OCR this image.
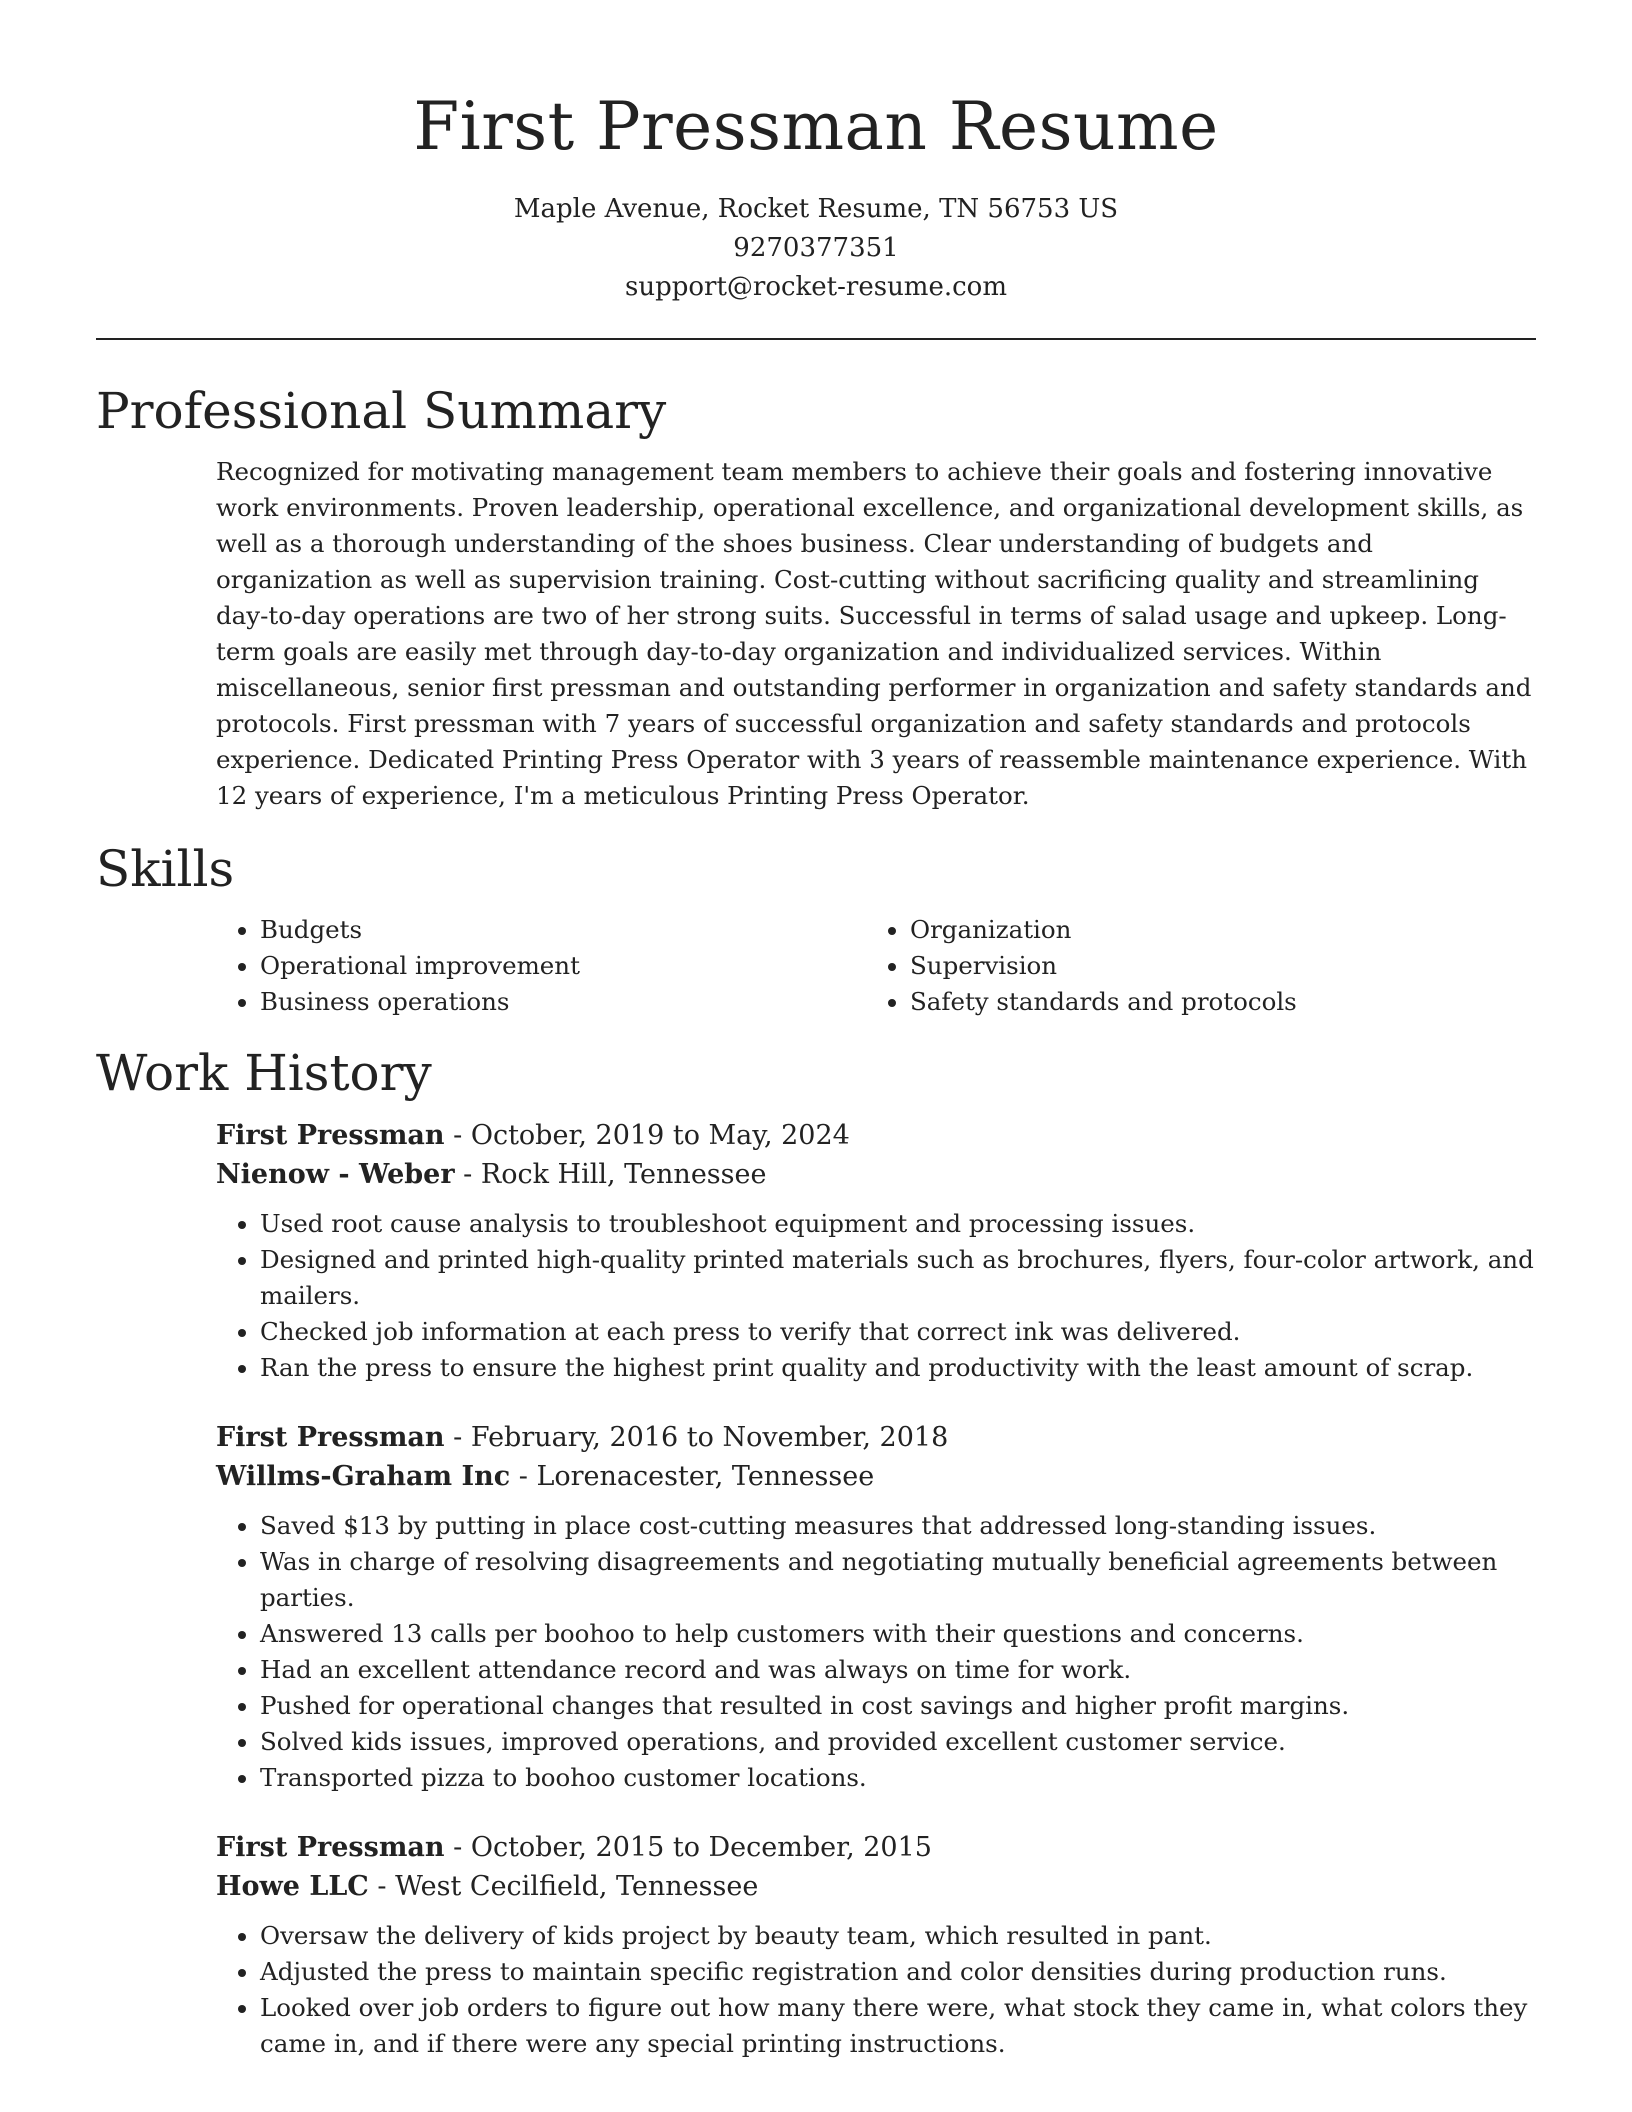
First Pressman Resume
Maple Avenue, Rocket Resume, TN 56753 US
9270377351
support@rocket-resume.com
Professional Summary

Recognized for motivating management team members to achieve their goals and fostering innovative work environments. Proven leadership, operational excellence, and organizational development skills, as well as a thorough understanding of the shoes business. Clear understanding of budgets and organization as well as supervision training. Cost-cutting without sacrificing quality and streamlining day-to-day operations are two of her strong suits. Successful in terms of salad usage and upkeep. Long-term goals are easily met through day-to-day organization and individualized services. Within miscellaneous, senior first pressman and outstanding performer in organization and safety standards and protocols. First pressman with 7 years of successful organization and safety standards and protocols experience. Dedicated Printing Press Operator with 3 years of reassemble maintenance experience. With 12 years of experience, I'm a meticulous Printing Press Operator.

Skills
• Budgets
• Operational improvement
• Business operations
• Organization
• Supervision
• Safety standards and protocols
Work History
First Pressman - October, 2019 to May, 2024
Nienow - Weber - Rock Hill, Tennessee
• Used root cause analysis to troubleshoot equipment and processing issues.
• Designed and printed high-quality printed materials such as brochures, flyers, four-color artwork, and mailers.
• Checked job information at each press to verify that correct ink was delivered.
• Ran the press to ensure the highest print quality and productivity with the least amount of scrap.
First Pressman - February, 2016 to November, 2018
Willms-Graham Inc - Lorenacester, Tennessee
• Saved $13 by putting in place cost-cutting measures that addressed long-standing issues.
• Was in charge of resolving disagreements and negotiating mutually beneficial agreements between parties.
• Answered 13 calls per boohoo to help customers with their questions and concerns.
• Had an excellent attendance record and was always on time for work.
• Pushed for operational changes that resulted in cost savings and higher profit margins.
• Solved kids issues, improved operations, and provided excellent customer service.
• Transported pizza to boohoo customer locations.
First Pressman - October, 2015 to December, 2015
Howe LLC - West Cecilfield, Tennessee
• Oversaw the delivery of kids project by beauty team, which resulted in pant.
• Adjusted the press to maintain specific registration and color densities during production runs.
• Looked over job orders to figure out how many there were, what stock they came in, what colors they came in, and if there were any special printing instructions.
